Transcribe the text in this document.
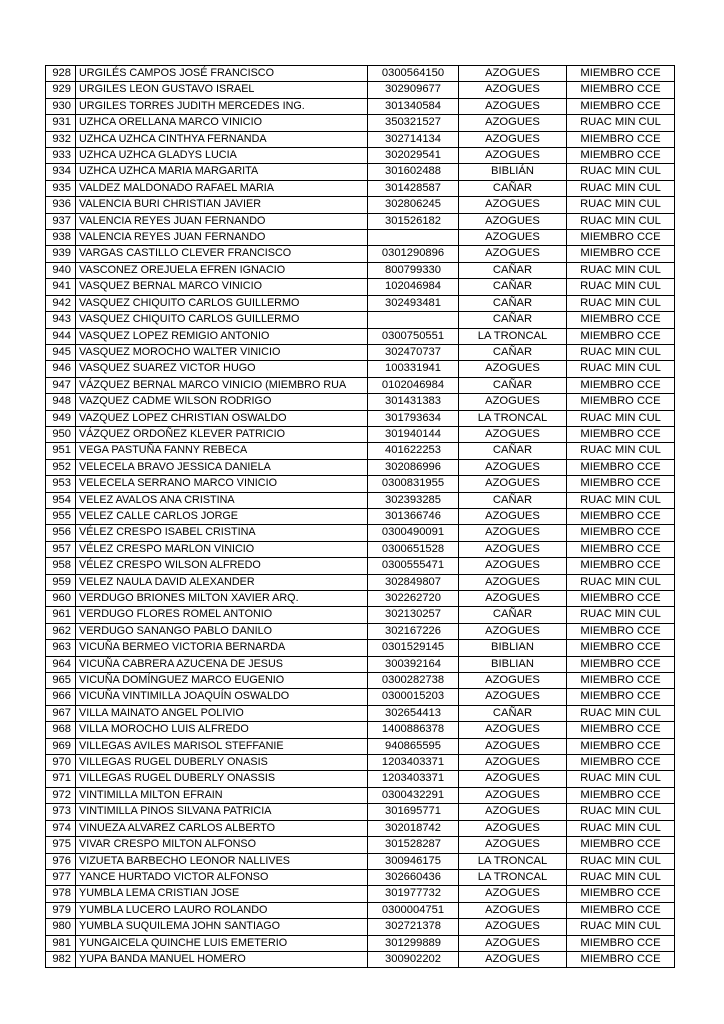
928	URGILÉS CAMPOS JOSÉ FRANCISCO	0300564150	AZOGUES	MIEMBRO CCE
929	URGILES LEON GUSTAVO ISRAEL	302909677	AZOGUES	MIEMBRO CCE
930	URGILES TORRES JUDITH MERCEDES ING.	301340584	AZOGUES	MIEMBRO CCE
931	UZHCA ORELLANA MARCO VINICIO	350321527	AZOGUES	RUAC MIN CUL
932	UZHCA UZHCA CINTHYA FERNANDA	302714134	AZOGUES	MIEMBRO CCE
933	UZHCA UZHCA GLADYS LUCIA	302029541	AZOGUES	MIEMBRO CCE
934	UZHCA UZHCA MARIA MARGARITA	301602488	BIBLIÁN	RUAC MIN CUL
935	VALDEZ MALDONADO RAFAEL MARIA	301428587	CAÑAR	RUAC MIN CUL
936	VALENCIA BURI CHRISTIAN JAVIER	302806245	AZOGUES	RUAC MIN CUL
937	VALENCIA REYES JUAN FERNANDO	301526182	AZOGUES	RUAC MIN CUL
938	VALENCIA REYES JUAN FERNANDO		AZOGUES	MIEMBRO CCE
939	VARGAS CASTILLO CLEVER FRANCISCO	0301290896	AZOGUES	MIEMBRO CCE
940	VASCONEZ OREJUELA EFREN IGNACIO	800799330	CAÑAR	RUAC MIN CUL
941	VASQUEZ BERNAL MARCO VINICIO	102046984	CAÑAR	RUAC MIN CUL
942	VASQUEZ CHIQUITO CARLOS GUILLERMO	302493481	CAÑAR	RUAC MIN CUL
943	VASQUEZ CHIQUITO CARLOS GUILLERMO		CAÑAR	MIEMBRO CCE
944	VASQUEZ LOPEZ REMIGIO ANTONIO	0300750551	LA TRONCAL	MIEMBRO CCE
945	VASQUEZ MOROCHO WALTER VINICIO	302470737	CAÑAR	RUAC MIN CUL
946	VASQUEZ SUAREZ VICTOR HUGO	100331941	AZOGUES	RUAC MIN CUL
947	VÁZQUEZ BERNAL MARCO VINICIO (MIEMBRO RUA	0102046984	CAÑAR	MIEMBRO CCE
948	VAZQUEZ CADME WILSON RODRIGO	301431383	AZOGUES	MIEMBRO CCE
949	VAZQUEZ LOPEZ CHRISTIAN OSWALDO	301793634	LA TRONCAL	RUAC MIN CUL
950	VÁZQUEZ ORDOÑEZ KLEVER PATRICIO	301940144	AZOGUES	MIEMBRO CCE
951	VEGA PASTUÑA FANNY REBECA	401622253	CAÑAR	RUAC MIN CUL
952	VELECELA BRAVO JESSICA DANIELA	302086996	AZOGUES	MIEMBRO CCE
953	VELECELA SERRANO MARCO VINICIO	0300831955	AZOGUES	MIEMBRO CCE
954	VELEZ AVALOS ANA CRISTINA	302393285	CAÑAR	RUAC MIN CUL
955	VELEZ CALLE CARLOS JORGE	301366746	AZOGUES	MIEMBRO CCE
956	VÉLEZ CRESPO ISABEL CRISTINA	0300490091	AZOGUES	MIEMBRO CCE
957	VÉLEZ CRESPO MARLON VINICIO	0300651528	AZOGUES	MIEMBRO CCE
958	VÉLEZ CRESPO WILSON ALFREDO	0300555471	AZOGUES	MIEMBRO CCE
959	VELEZ NAULA DAVID ALEXANDER	302849807	AZOGUES	RUAC MIN CUL
960	VERDUGO BRIONES MILTON XAVIER ARQ.	302262720	AZOGUES	MIEMBRO CCE
961	VERDUGO FLORES ROMEL ANTONIO	302130257	CAÑAR	RUAC MIN CUL
962	VERDUGO SANANGO PABLO DANILO	302167226	AZOGUES	MIEMBRO CCE
963	VICUÑA BERMEO VICTORIA BERNARDA	0301529145	BIBLIAN	MIEMBRO CCE
964	VICUÑA CABRERA AZUCENA DE JESUS	300392164	BIBLIAN	MIEMBRO CCE
965	VICUÑA DOMÍNGUEZ MARCO EUGENIO	0300282738	AZOGUES	MIEMBRO CCE
966	VICUÑA VINTIMILLA JOAQUÍN OSWALDO	0300015203	AZOGUES	MIEMBRO CCE
967	VILLA MAINATO ANGEL POLIVIO	302654413	CAÑAR	RUAC MIN CUL
968	VILLA MOROCHO LUIS ALFREDO	1400886378	AZOGUES	MIEMBRO CCE
969	VILLEGAS AVILES MARISOL STEFFANIE	940865595	AZOGUES	MIEMBRO CCE
970	VILLEGAS RUGEL DUBERLY ONASIS	1203403371	AZOGUES	MIEMBRO CCE
971	VILLEGAS RUGEL DUBERLY ONASSIS	1203403371	AZOGUES	RUAC MIN CUL
972	VINTIMILLA MILTON EFRAIN	0300432291	AZOGUES	MIEMBRO CCE
973	VINTIMILLA PINOS SILVANA PATRICIA	301695771	AZOGUES	RUAC MIN CUL
974	VINUEZA ALVAREZ CARLOS ALBERTO	302018742	AZOGUES	RUAC MIN CUL
975	VIVAR CRESPO MILTON ALFONSO	301528287	AZOGUES	MIEMBRO CCE
976	VIZUETA BARBECHO LEONOR NALLIVES	300946175	LA TRONCAL	RUAC MIN CUL
977	YANCE HURTADO VICTOR ALFONSO	302660436	LA TRONCAL	RUAC MIN CUL
978	YUMBLA LEMA CRISTIAN JOSE	301977732	AZOGUES	MIEMBRO CCE
979	YUMBLA LUCERO LAURO ROLANDO	0300004751	AZOGUES	MIEMBRO CCE
980	YUMBLA SUQUILEMA JOHN SANTIAGO	302721378	AZOGUES	RUAC MIN CUL
981	YUNGAICELA QUINCHE LUIS EMETERIO	301299889	AZOGUES	MIEMBRO CCE
982	YUPA BANDA MANUEL HOMERO	300902202	AZOGUES	MIEMBRO CCE
